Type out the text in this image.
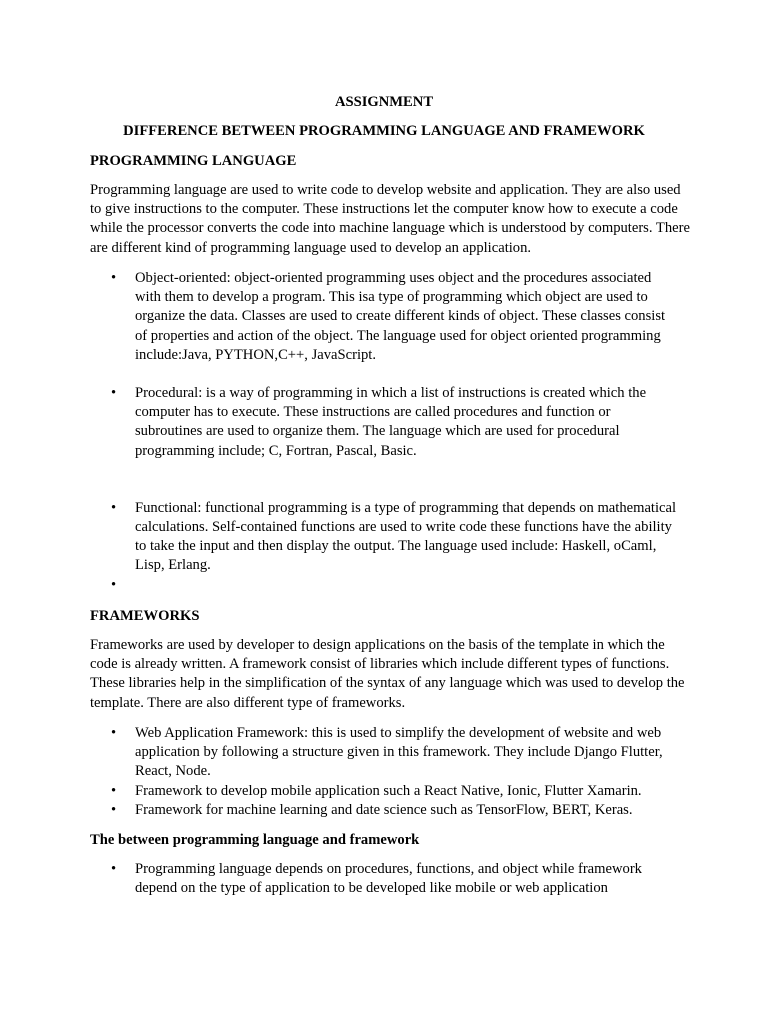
ASSIGNMENT
DIFFERENCE BETWEEN PROGRAMMING LANGUAGE AND FRAMEWORK
PROGRAMMING LANGUAGE
Programming language are used to write code to develop website and application. They are also used to give instructions to the computer. These instructions let the computer know how to execute a code while the processor converts the code into machine language which is understood by computers. There are different kind of programming language used to develop an application.
• Object-oriented: object-oriented programming uses object and the procedures associated with them to develop a program. This isa type of programming which object are used to organize the data. Classes are used to create different kinds of object. These classes consist of properties and action of the object. The language used for object oriented programming include:Java, PYTHON,C++, JavaScript.
• Procedural: is a way of programming in which a list of instructions is created which the computer has to execute. These instructions are called procedures and function or subroutines are used to organize them. The language which are used for procedural programming include; C, Fortran, Pascal, Basic.
• Functional: functional programming is a type of programming that depends on mathematical calculations. Self-contained functions are used to write code these functions have the ability to take the input and then display the output. The language used include: Haskell, oCaml, Lisp, Erlang.
•
FRAMEWORKS
Frameworks are used by developer to design applications on the basis of the template in which the code is already written. A framework consist of libraries which include different types of functions. These libraries help in the simplification of the syntax of any language which was used to develop the template. There are also different type of frameworks.
• Web Application Framework: this is used to simplify the development of website and web application by following a structure given in this framework. They include Django Flutter, React, Node.
• Framework to develop mobile application such a React Native, Ionic, Flutter Xamarin.
• Framework for machine learning and date science such as TensorFlow, BERT, Keras.
The between programming language and framework
• Programming language depends on procedures, functions, and object while framework depend on the type of application to be developed like mobile or web application
